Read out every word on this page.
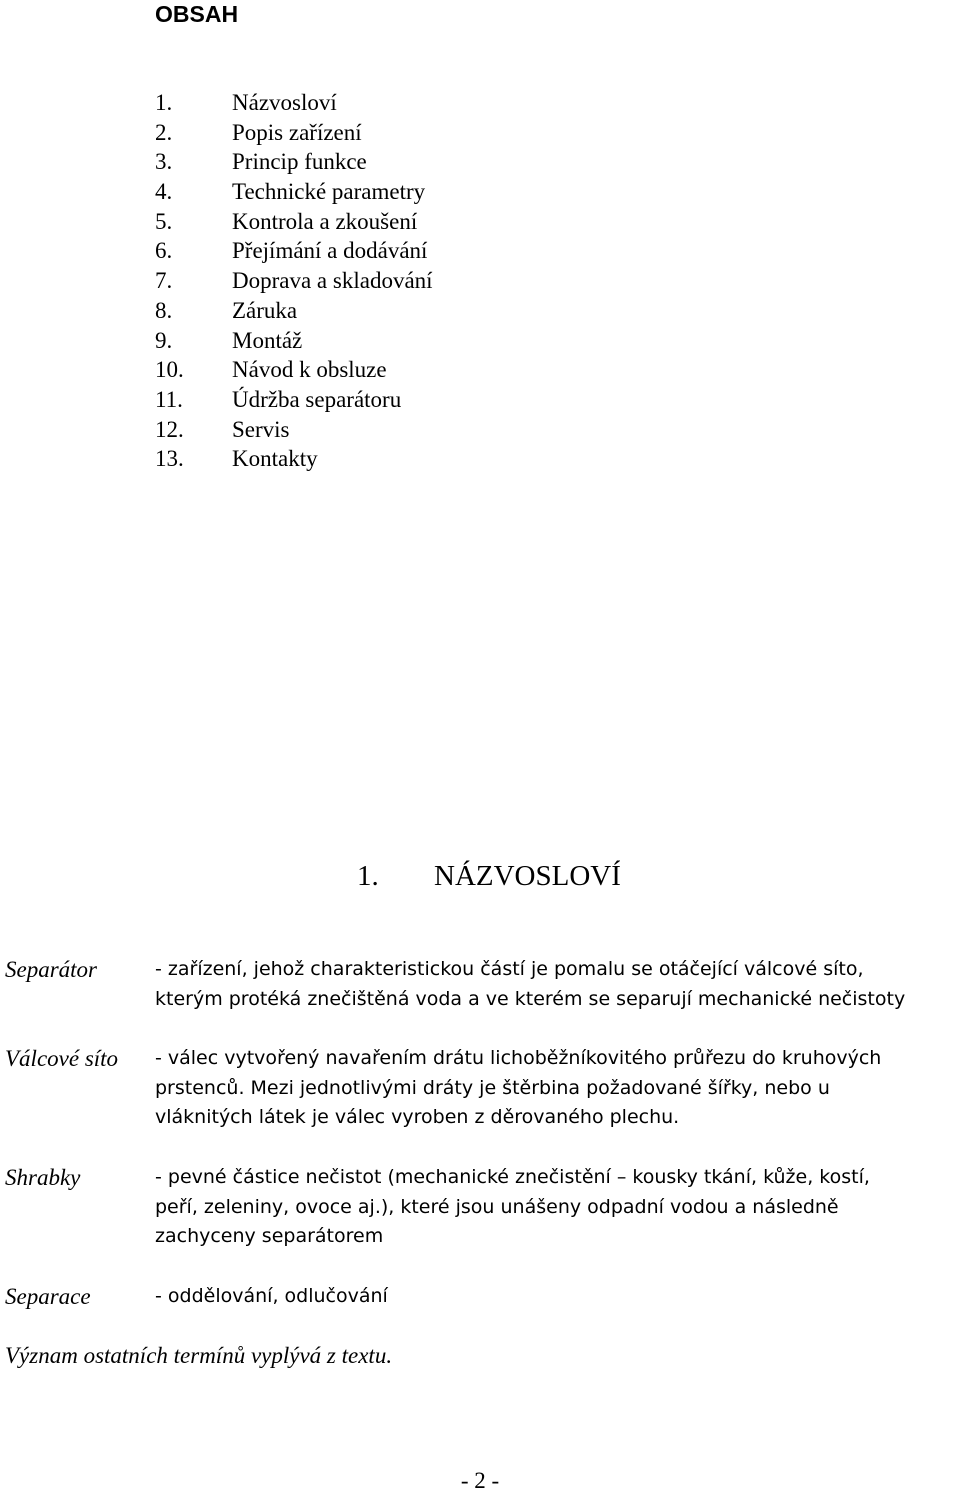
OBSAH
1.	Názvosloví
2.	Popis zařízení
3.	Princip funkce
4.	Technické parametry
5.	Kontrola a zkoušení
6.	Přejímání a dodávání
7.	Doprava a skladování
8.	Záruka
9.	Montáž
10. Návod k obsluze
11. Údržba separátoru
12. Servis
13. Kontakty
1. NÁZVOSLOVÍ
Separátor	- zařízení, jehož charakteristickou částí je pomalu se otáčející válcové síto,
kterým protéká znečištěná voda a ve kterém se separují mechanické nečistoty
Válcové síto - válec vytvořený navařením drátu lichoběžníkovitého průřezu do kruhových
prstenců. Mezi jednotlivými dráty je štěrbina požadované šířky, nebo u
vláknitých látek je válec vyroben z děrovaného plechu.
Shrabky	- pevné částice nečistot (mechanické znečistění – kousky tkání, kůže, kostí,
peří, zeleniny, ovoce aj.), které jsou unášeny odpadní vodou a následně
zachyceny separátorem
Separace	- oddělování, odlučování
Význam ostatních termínů vyplývá z textu.
- 2 -
